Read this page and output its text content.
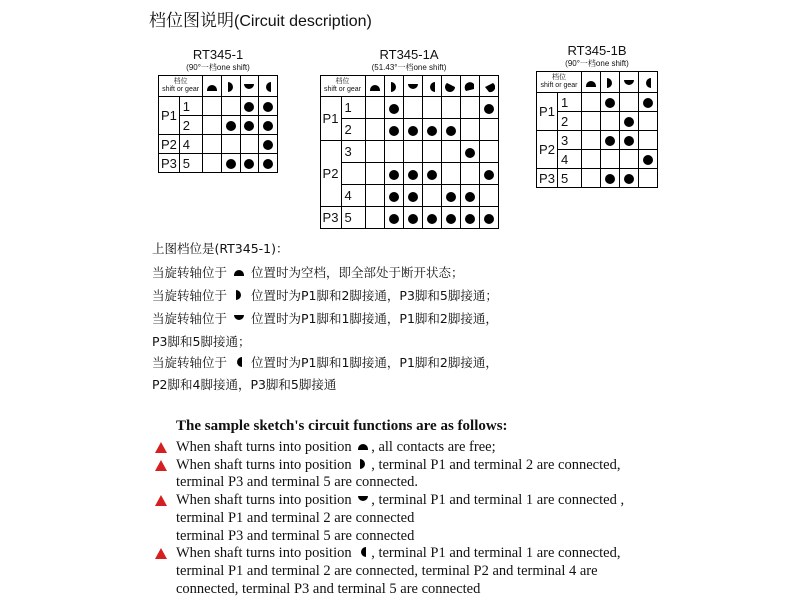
档位图说明(Circuit description)
RT345-1
(90°一档one shift)
档位
shift or gear

P1	1				
	2				
P2	4				
P3	5				
RT345-1A
(51.43°一档one shift)
档位
shift or gear

P1	1							
	2							
P2	3							

	4							
P3	5							
RT345-1B
(90°一档one shift)
档位
shift or gear

P1	1				
	2				
P2	3				
	4				
P3	5				
上图档位是(RT345-1)：
当旋转轴位于 位置时为空档，即全部处于断开状态；
当旋转轴位于 位置时为P1脚和2脚接通，P3脚和5脚接通；
当旋转轴位于 位置时为P1脚和1脚接通，P1脚和2脚接通，
P3脚和5脚接通；
当旋转轴位于 位置时为P1脚和1脚接通，P1脚和2脚接通，
P2脚和4脚接通，P3脚和5脚接通
The sample sketch's circuit functions are as follows:
When shaft turns into position , all contacts are free;
When shaft turns into position , terminal P1 and terminal 2 are connected,
terminal P3 and terminal 5 are connected.
When shaft turns into position , terminal P1 and terminal 1 are connected ,
terminal P1 and terminal 2 are connected
terminal P3 and terminal 5 are connected
When shaft turns into position , terminal P1 and terminal 1 are connected,
terminal P1 and terminal 2 are connected, terminal P2 and terminal 4 are
connected, terminal P3 and terminal 5 are connected
